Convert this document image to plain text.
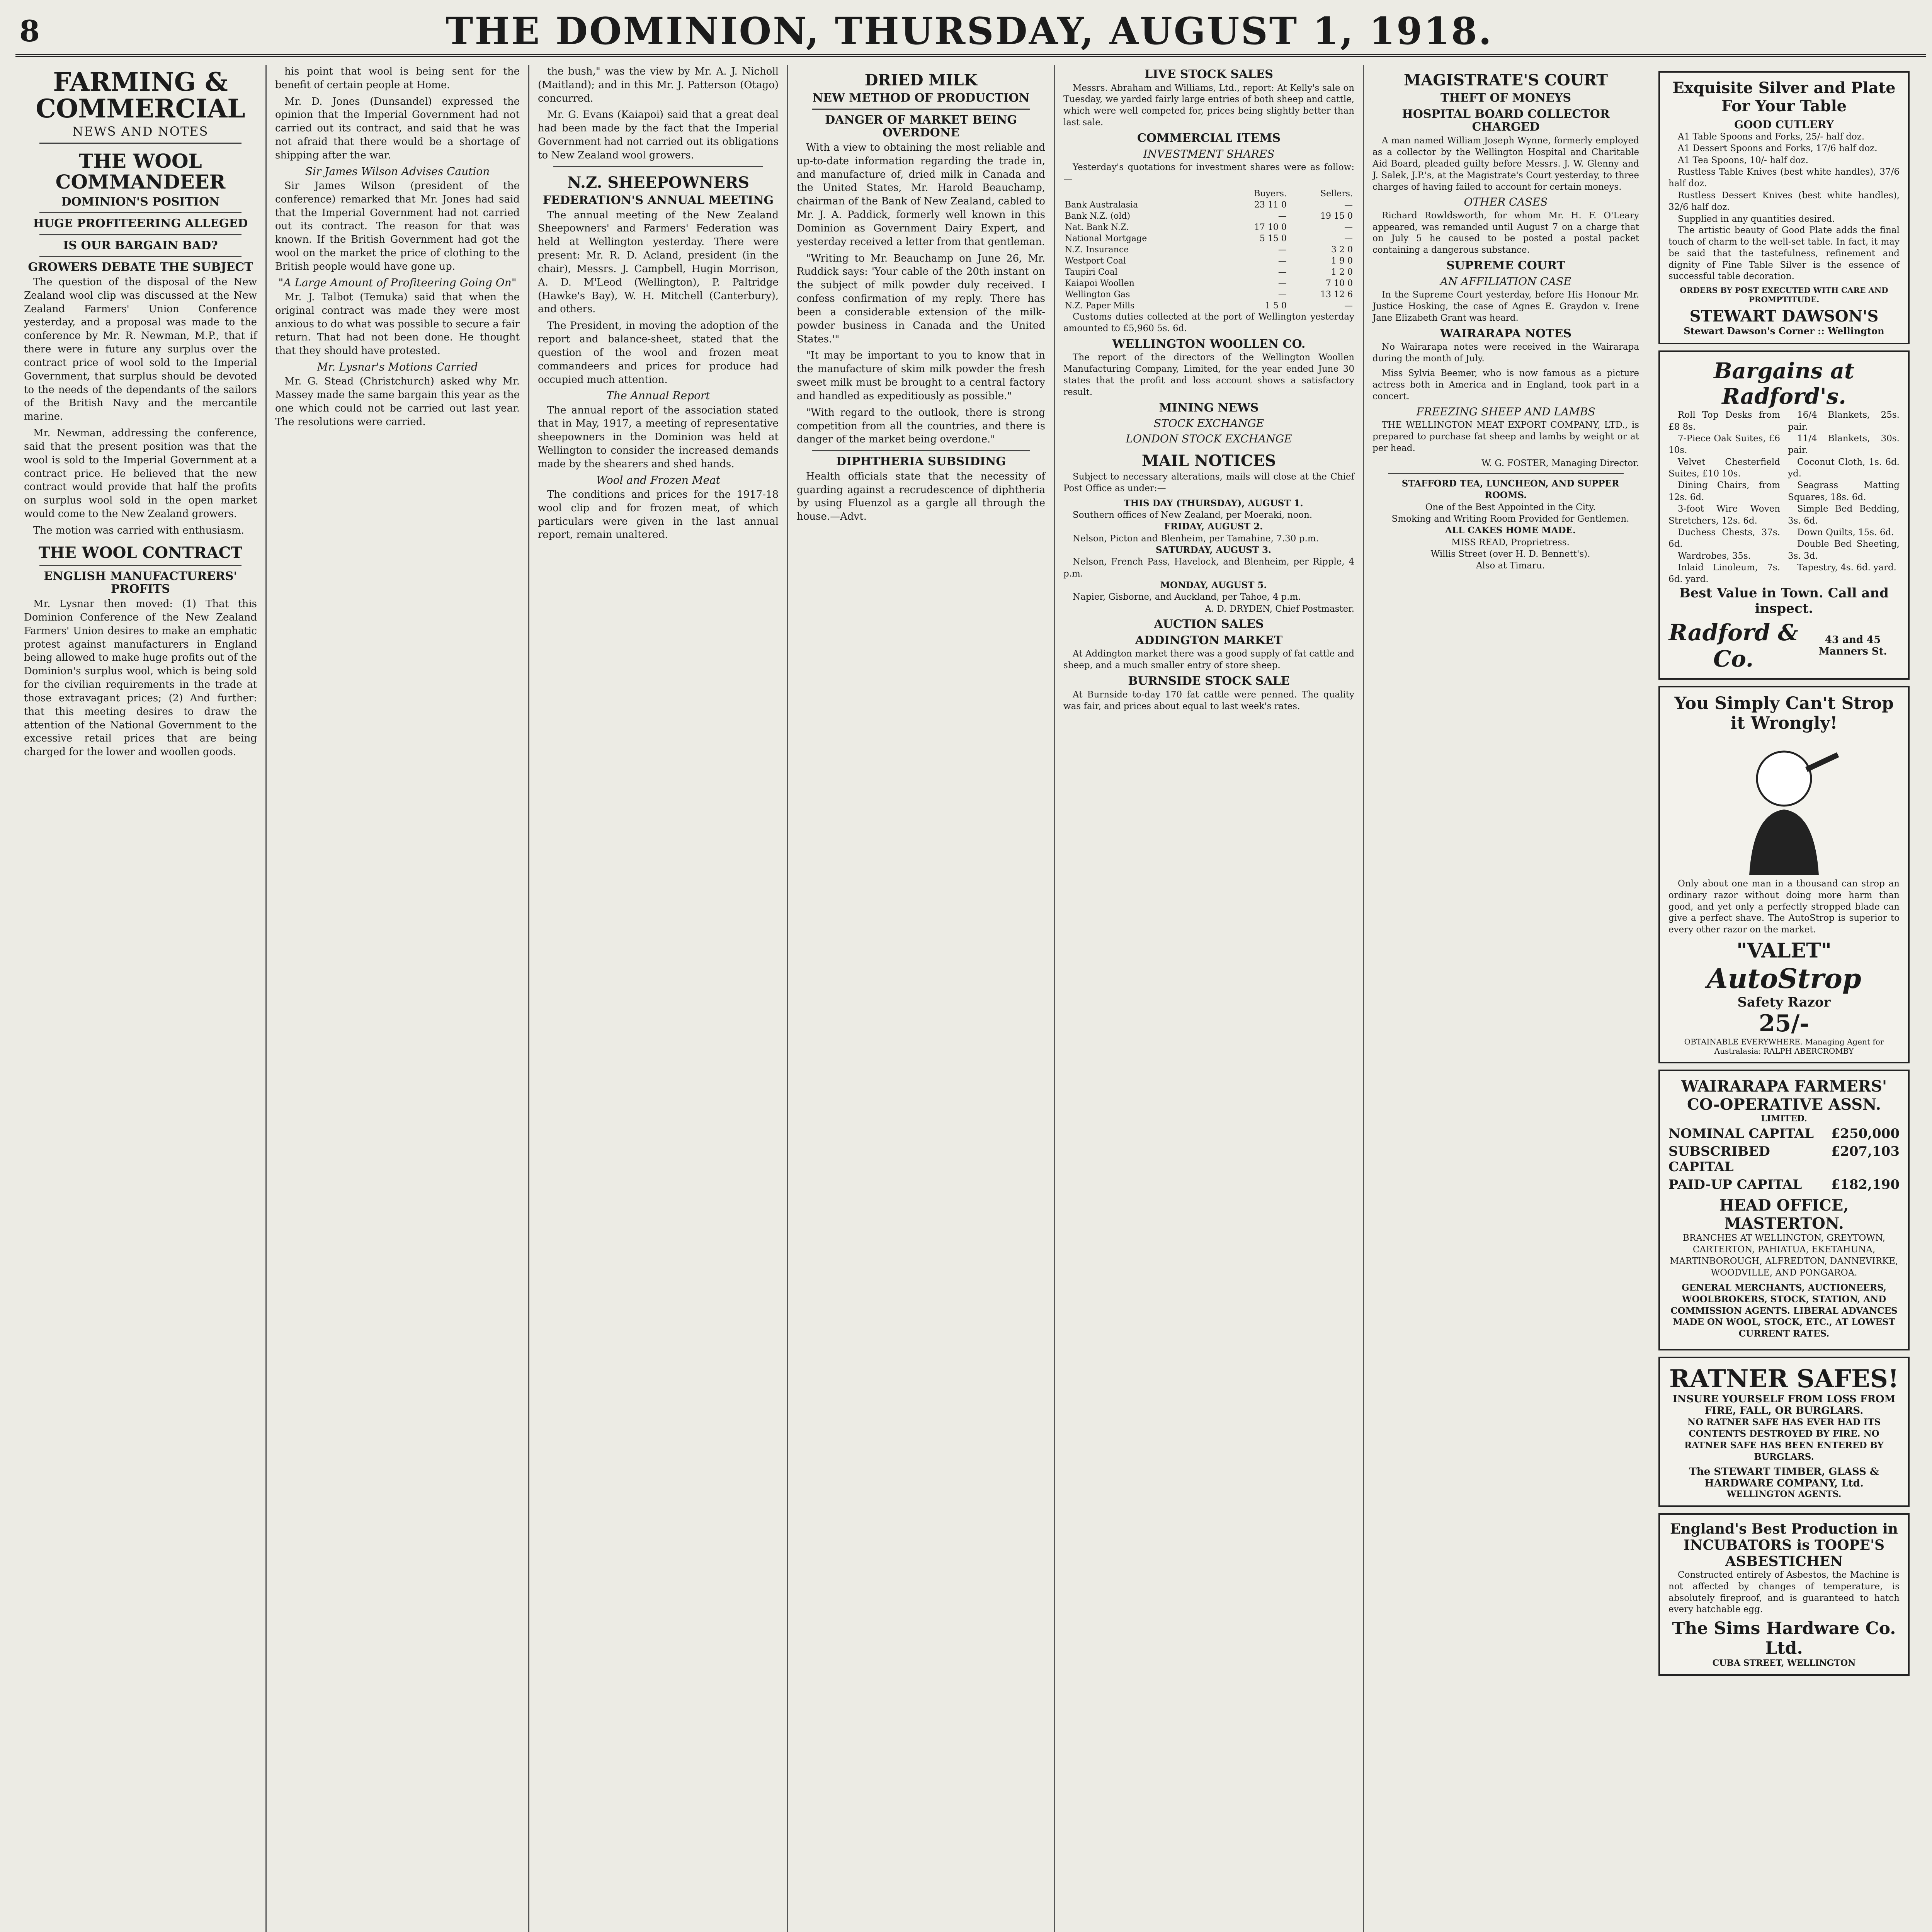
8	THE DOMINION, THURSDAY, AUGUST 1, 1918.
FARMING & COMMERCIAL
NEWS AND NOTES
THE WOOL COMMANDEER
DOMINION'S POSITION
HUGE PROFITEERING ALLEGED
IS OUR BARGAIN BAD?
GROWERS DEBATE THE SUBJECT

The question of the disposal of the New Zealand wool clip was discussed at the New Zealand Farmers' Union Conference yesterday, and a proposal was made to the conference by Mr. R. Newman, M.P., that if there were in future any surplus over the contract price of wool sold to the Imperial Government, that surplus should be devoted to the needs of the dependants of the sailors of the British Navy and the mercantile marine.

Mr. Newman, addressing the conference, said that the present position was that the wool is sold to the Imperial Government at a contract price. He believed that the new contract would provide that half the profits on surplus wool sold in the open market would come to the New Zealand growers.

The motion was carried with enthusiasm.

THE WOOL CONTRACT
ENGLISH MANUFACTURERS' PROFITS

Mr. Lysnar then moved: (1) That this Dominion Conference of the New Zealand Farmers' Union desires to make an emphatic protest against manufacturers in England being allowed to make huge profits out of the Dominion's surplus wool, which is being sold for the civilian requirements in the trade at those extravagant prices; (2) And further: that this meeting desires to draw the attention of the National Government to the excessive retail prices that are being charged for the lower and woollen goods.

his point that wool is being sent for the benefit of certain people at Home.

Mr. D. Jones (Dunsandel) expressed the opinion that the Imperial Government had not carried out its contract, and said that he was not afraid that there would be a shortage of shipping after the war.

Sir James Wilson Advises Caution

Sir James Wilson (president of the conference) remarked that Mr. Jones had said that the Imperial Government had not carried out its contract. The reason for that was known. If the British Government had got the wool on the market the price of clothing to the British people would have gone up.

"A Large Amount of Profiteering Going On"

Mr. J. Talbot (Temuka) said that when the original contract was made they were most anxious to do what was possible to secure a fair return. That had not been done. He thought that they should have protested.

Mr. Lysnar's Motions Carried

Mr. G. Stead (Christchurch) asked why Mr. Massey made the same bargain this year as the one which could not be carried out last year. The resolutions were carried.

the bush," was the view by Mr. A. J. Nicholl (Maitland); and in this Mr. J. Patterson (Otago) concurred.

Mr. G. Evans (Kaiapoi) said that a great deal had been made by the fact that the Imperial Government had not carried out its obligations to New Zealand wool growers.

N.Z. SHEEPOWNERS
FEDERATION'S ANNUAL MEETING

The annual meeting of the New Zealand Sheepowners' and Farmers' Federation was held at Wellington yesterday. There were present: Mr. R. D. Acland, president (in the chair), Messrs. J. Campbell, Hugin Morrison, A. D. M'Leod (Wellington), P. Paltridge (Hawke's Bay), W. H. Mitchell (Canterbury), and others.

The President, in moving the adoption of the report and balance-sheet, stated that the question of the wool and frozen meat commandeers and prices for produce had occupied much attention.

The Annual Report

The annual report of the association stated that in May, 1917, a meeting of representative sheepowners in the Dominion was held at Wellington to consider the increased demands made by the shearers and shed hands.

Wool and Frozen Meat

The conditions and prices for the 1917-18 wool clip and for frozen meat, of which particulars were given in the last annual report, remain unaltered.

DRIED MILK
NEW METHOD OF PRODUCTION
DANGER OF MARKET BEING OVERDONE

With a view to obtaining the most reliable and up-to-date information regarding the trade in, and manufacture of, dried milk in Canada and the United States, Mr. Harold Beauchamp, chairman of the Bank of New Zealand, cabled to Mr. J. A. Paddick, formerly well known in this Dominion as Government Dairy Expert, and yesterday received a letter from that gentleman.

"Writing to Mr. Beauchamp on June 26, Mr. Ruddick says: 'Your cable of the 20th instant on the subject of milk powder duly received. I confess confirmation of my reply. There has been a considerable extension of the milk-powder business in Canada and the United States.'"

"It may be important to you to know that in the manufacture of skim milk powder the fresh sweet milk must be brought to a central factory and handled as expeditiously as possible."

"With regard to the outlook, there is strong competition from all the countries, and there is danger of the market being overdone."

DIPHTHERIA SUBSIDING

Health officials state that the necessity of guarding against a recrudescence of diphtheria by using Fluenzol as a gargle all through the house.—Advt.

LIVE STOCK SALES

Messrs. Abraham and Williams, Ltd., report: At Kelly's sale on Tuesday, we yarded fairly large entries of both sheep and cattle, which were well competed for, prices being slightly better than last sale.

COMMERCIAL ITEMS
INVESTMENT SHARES

Yesterday's quotations for investment shares were as follow:—

	Buyers.	Sellers.
Bank Australasia	23 11 0	—
Bank N.Z. (old)	—	19 15 0
Nat. Bank N.Z.	17 10 0	—
National Mortgage	5 15 0	—
N.Z. Insurance	—	3 2 0
Westport Coal	—	1 9 0
Taupiri Coal	—	1 2 0
Kaiapoi Woollen	—	7 10 0
Wellington Gas	—	13 12 6
N.Z. Paper Mills	1 5 0	—

Customs duties collected at the port of Wellington yesterday amounted to £5,960 5s. 6d.

WELLINGTON WOOLLEN CO.

The report of the directors of the Wellington Woollen Manufacturing Company, Limited, for the year ended June 30 states that the profit and loss account shows a satisfactory result.

MINING NEWS
STOCK EXCHANGE
LONDON STOCK EXCHANGE
MAIL NOTICES

Subject to necessary alterations, mails will close at the Chief Post Office as under:—

THIS DAY (THURSDAY), AUGUST 1.

Southern offices of New Zealand, per Moeraki, noon.

FRIDAY, AUGUST 2.

Nelson, Picton and Blenheim, per Tamahine, 7.30 p.m.

SATURDAY, AUGUST 3.

Nelson, French Pass, Havelock, and Blenheim, per Ripple, 4 p.m.

MONDAY, AUGUST 5.

Napier, Gisborne, and Auckland, per Tahoe, 4 p.m.

A. D. DRYDEN, Chief Postmaster.

AUCTION SALES
ADDINGTON MARKET

At Addington market there was a good supply of fat cattle and sheep, and a much smaller entry of store sheep.

BURNSIDE STOCK SALE

At Burnside to-day 170 fat cattle were penned. The quality was fair, and prices about equal to last week's rates.

MAGISTRATE'S COURT
THEFT OF MONEYS
HOSPITAL BOARD COLLECTOR CHARGED

A man named William Joseph Wynne, formerly employed as a collector by the Wellington Hospital and Charitable Aid Board, pleaded guilty before Messrs. J. W. Glenny and J. Salek, J.P.'s, at the Magistrate's Court yesterday, to three charges of having failed to account for certain moneys.

OTHER CASES

Richard Rowldsworth, for whom Mr. H. F. O'Leary appeared, was remanded until August 7 on a charge that on July 5 he caused to be posted a postal packet containing a dangerous substance.

SUPREME COURT
AN AFFILIATION CASE

In the Supreme Court yesterday, before His Honour Mr. Justice Hosking, the case of Agnes E. Graydon v. Irene Jane Elizabeth Grant was heard.

WAIRARAPA NOTES

No Wairarapa notes were received in the Wairarapa during the month of July.

Miss Sylvia Beemer, who is now famous as a picture actress both in America and in England, took part in a concert.

FREEZING SHEEP AND LAMBS

THE WELLINGTON MEAT EXPORT COMPANY, LTD., is prepared to purchase fat sheep and lambs by weight or at per head.

W. G. FOSTER, Managing Director.

STAFFORD TEA, LUNCHEON, AND SUPPER ROOMS.

One of the Best Appointed in the City.

Smoking and Writing Room Provided for Gentlemen.

ALL CAKES HOME MADE.

MISS READ, Proprietress.

Willis Street (over H. D. Bennett's).

Also at Timaru.

Exquisite Silver and Plate
For Your Table
GOOD CUTLERY

A1 Table Spoons and Forks, 25/- half doz.

A1 Dessert Spoons and Forks, 17/6 half doz.

A1 Tea Spoons, 10/- half doz.

Rustless Table Knives (best white handles), 37/6 half doz.

Rustless Dessert Knives (best white handles), 32/6 half doz.

Supplied in any quantities desired.

The artistic beauty of Good Plate adds the final touch of charm to the well-set table. In fact, it may be said that the tastefulness, refinement and dignity of Fine Table Silver is the essence of successful table decoration.

ORDERS BY POST EXECUTED WITH CARE AND PROMPTITUDE.
STEWART DAWSON'S
Stewart Dawson's Corner :: Wellington
Bargains at Radford's.

Roll Top Desks from £8 8s.

7-Piece Oak Suites, £6 10s.

Velvet Chesterfield Suites, £10 10s.

Dining Chairs, from 12s. 6d.

3-foot Wire Woven Stretchers, 12s. 6d.

Duchess Chests, 37s. 6d.

Wardrobes, 35s.

Inlaid Linoleum, 7s. 6d. yard.

16/4 Blankets, 25s. pair.

11/4 Blankets, 30s. pair.

Coconut Cloth, 1s. 6d. yd.

Seagrass Matting Squares, 18s. 6d.

Simple Bed Bedding, 3s. 6d.

Down Quilts, 15s. 6d.

Double Bed Sheeting, 3s. 3d.

Tapestry, 4s. 6d. yard.

Best Value in Town. Call and inspect.
Radford & Co.
43 and 45 Manners St.
You Simply Can't Strop it Wrongly!

Only about one man in a thousand can strop an ordinary razor without doing more harm than good, and yet only a perfectly stropped blade can give a perfect shave. The AutoStrop is superior to every other razor on the market.

"VALET"
AutoStrop
Safety Razor
25/-
OBTAINABLE EVERYWHERE. Managing Agent for Australasia: RALPH ABERCROMBY
WAIRARAPA FARMERS' CO-OPERATIVE ASSN.
LIMITED.
NOMINAL CAPITAL £250,000
SUBSCRIBED CAPITAL
£207,103
PAID-UP CAPITAL £182,190
HEAD OFFICE, MASTERTON.

BRANCHES AT WELLINGTON, GREYTOWN, CARTERTON, PAHIATUA, EKETAHUNA, MARTINBOROUGH, ALFREDTON, DANNEVIRKE, WOODVILLE, AND PONGAROA.

GENERAL MERCHANTS, AUCTIONEERS, WOOLBROKERS, STOCK, STATION, AND COMMISSION AGENTS. LIBERAL ADVANCES MADE ON WOOL, STOCK, ETC., AT LOWEST CURRENT RATES.

RATNER SAFES!
INSURE YOURSELF FROM LOSS FROM FIRE, FALL, OR BURGLARS.

NO RATNER SAFE HAS EVER HAD ITS CONTENTS DESTROYED BY FIRE. NO RATNER SAFE HAS BEEN ENTERED BY BURGLARS.

The STEWART TIMBER, GLASS & HARDWARE COMPANY, Ltd.
WELLINGTON AGENTS.
England's Best Production in INCUBATORS is TOOPE'S ASBESTICHEN

Constructed entirely of Asbestos, the Machine is not affected by changes of temperature, is absolutely fireproof, and is guaranteed to hatch every hatchable egg.

The Sims Hardware Co. Ltd.
CUBA STREET, WELLINGTON
